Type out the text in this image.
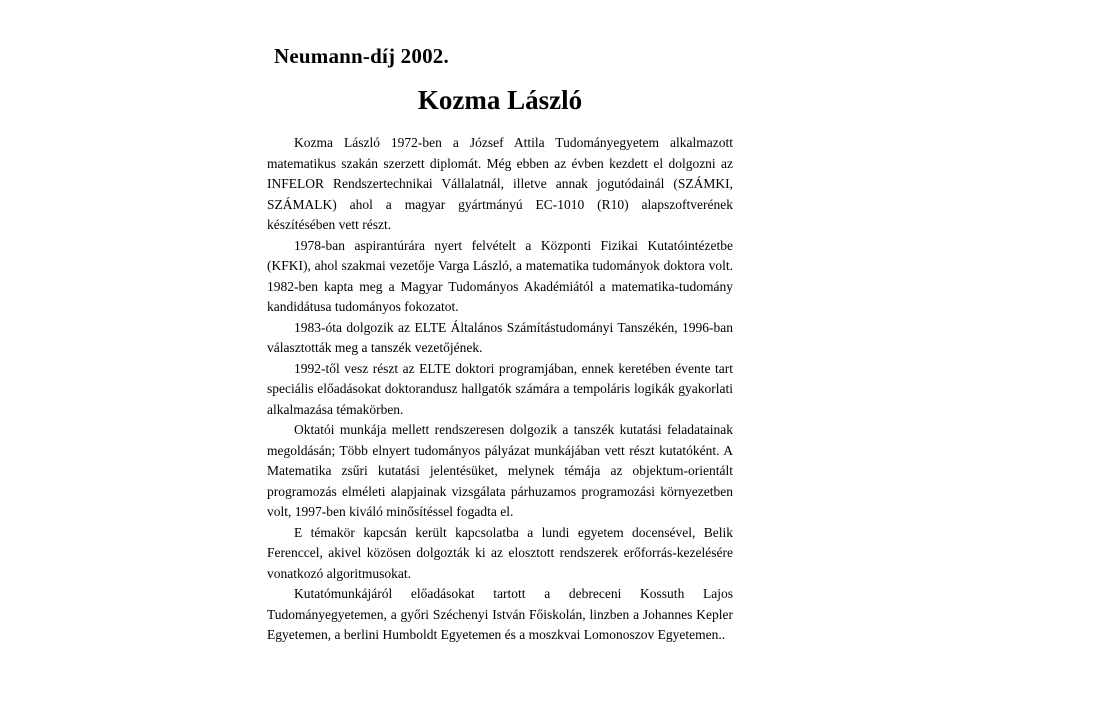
Neumann-díj 2002.
Kozma László

Kozma László 1972-ben a József Attila Tudományegyetem alkalmazott matematikus szakán szerzett diplomát. Még ebben az évben kezdett el dolgozni az INFELOR Rendszertechnikai Vállalatnál, illetve annak jogutódainál (SZÁMKI, SZÁMALK) ahol a magyar gyártmányú EC-1010 (R10) alapszoftverének készítésében vett részt.

1978-ban aspirantúrára nyert felvételt a Központi Fizikai Kutatóintézetbe (KFKI), ahol szakmai vezetője Varga László, a matematika tudományok doktora volt. 1982-ben kapta meg a Magyar Tudományos Akadémiától a matematika-tudomány kandidátusa tudományos fokozatot.

1983-óta dolgozik az ELTE Általános Számítástudományi Tanszékén, 1996-ban választották meg a tanszék vezetőjének.

1992-től vesz részt az ELTE doktori programjában, ennek keretében évente tart speciális előadásokat doktorandusz hallgatók számára a tempoláris logikák gyakorlati alkalmazása témakörben.

Oktatói munkája mellett rendszeresen dolgozik a tanszék kutatási feladatainak megoldásán; Több elnyert tudományos pályázat munkájában vett részt kutatóként. A Matematika zsűri kutatási jelentésüket, melynek témája az objektum-orientált programozás elméleti alapjainak vizsgálata párhuzamos programozási környezetben volt, 1997-ben kiváló minősítéssel fogadta el.

E témakör kapcsán került kapcsolatba a lundi egyetem docensével, Belik Ferenccel, akivel közösen dolgozták ki az elosztott rendszerek erőforrás-kezelésére vonatkozó algoritmusokat.

Kutatómunkájáról előadásokat tartott a debreceni Kossuth Lajos Tudományegyetemen, a győri Széchenyi István Főiskolán, linzben a Johannes Kepler Egyetemen, a berlini Humboldt Egyetemen és a moszkvai Lomonoszov Egyetemen..
